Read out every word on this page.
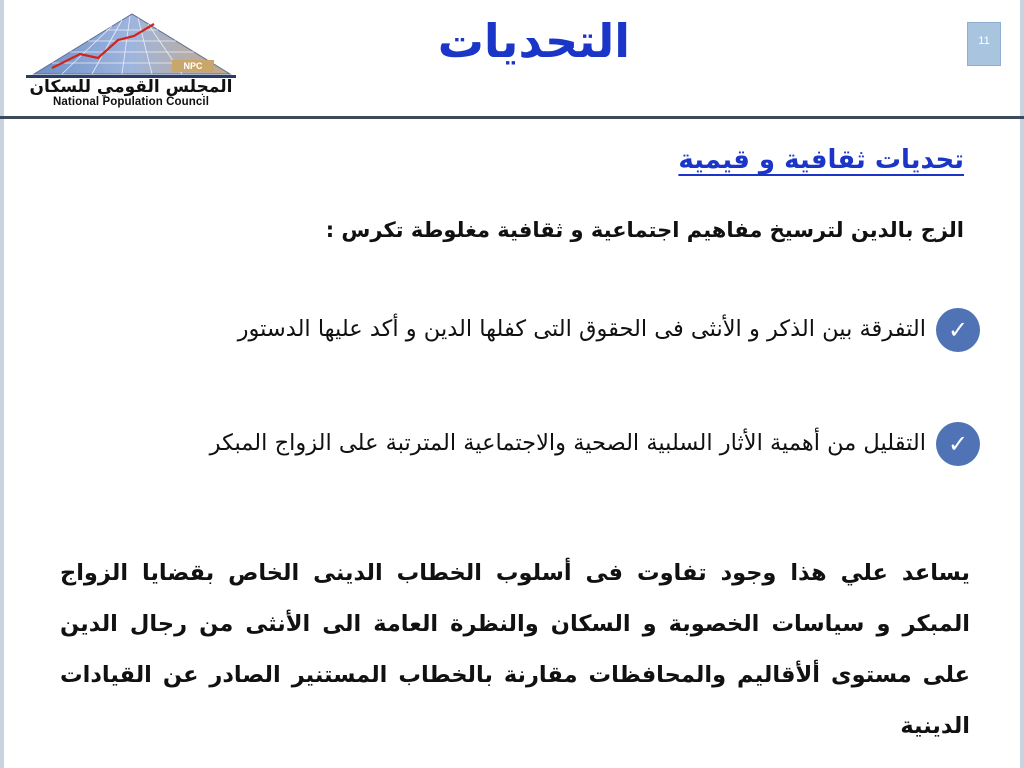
NPC
المجلس القومي للسكان
National Population Council
التحديات	11
تحديات ثقافية و قيمية
الزج بالدين لترسيخ مفاهيم اجتماعية و ثقافية مغلوطة تكرس :
✓
التفرقة بين الذكر و الأنثى فى الحقوق التى كفلها الدين و أكد عليها الدستور
✓
التقليل من أهمية الأثار السلبية الصحية والاجتماعية المترتبة على الزواج المبكر
يساعد علي هذا وجود تفاوت فى أسلوب الخطاب الدينى الخاص بقضايا الزواج المبكر و سياسات الخصوبة و السكان والنظرة العامة الى الأنثى من رجال الدين على مستوى ألأقاليم والمحافظات مقارنة بالخطاب المستنير الصادر عن القيادات الدينية
